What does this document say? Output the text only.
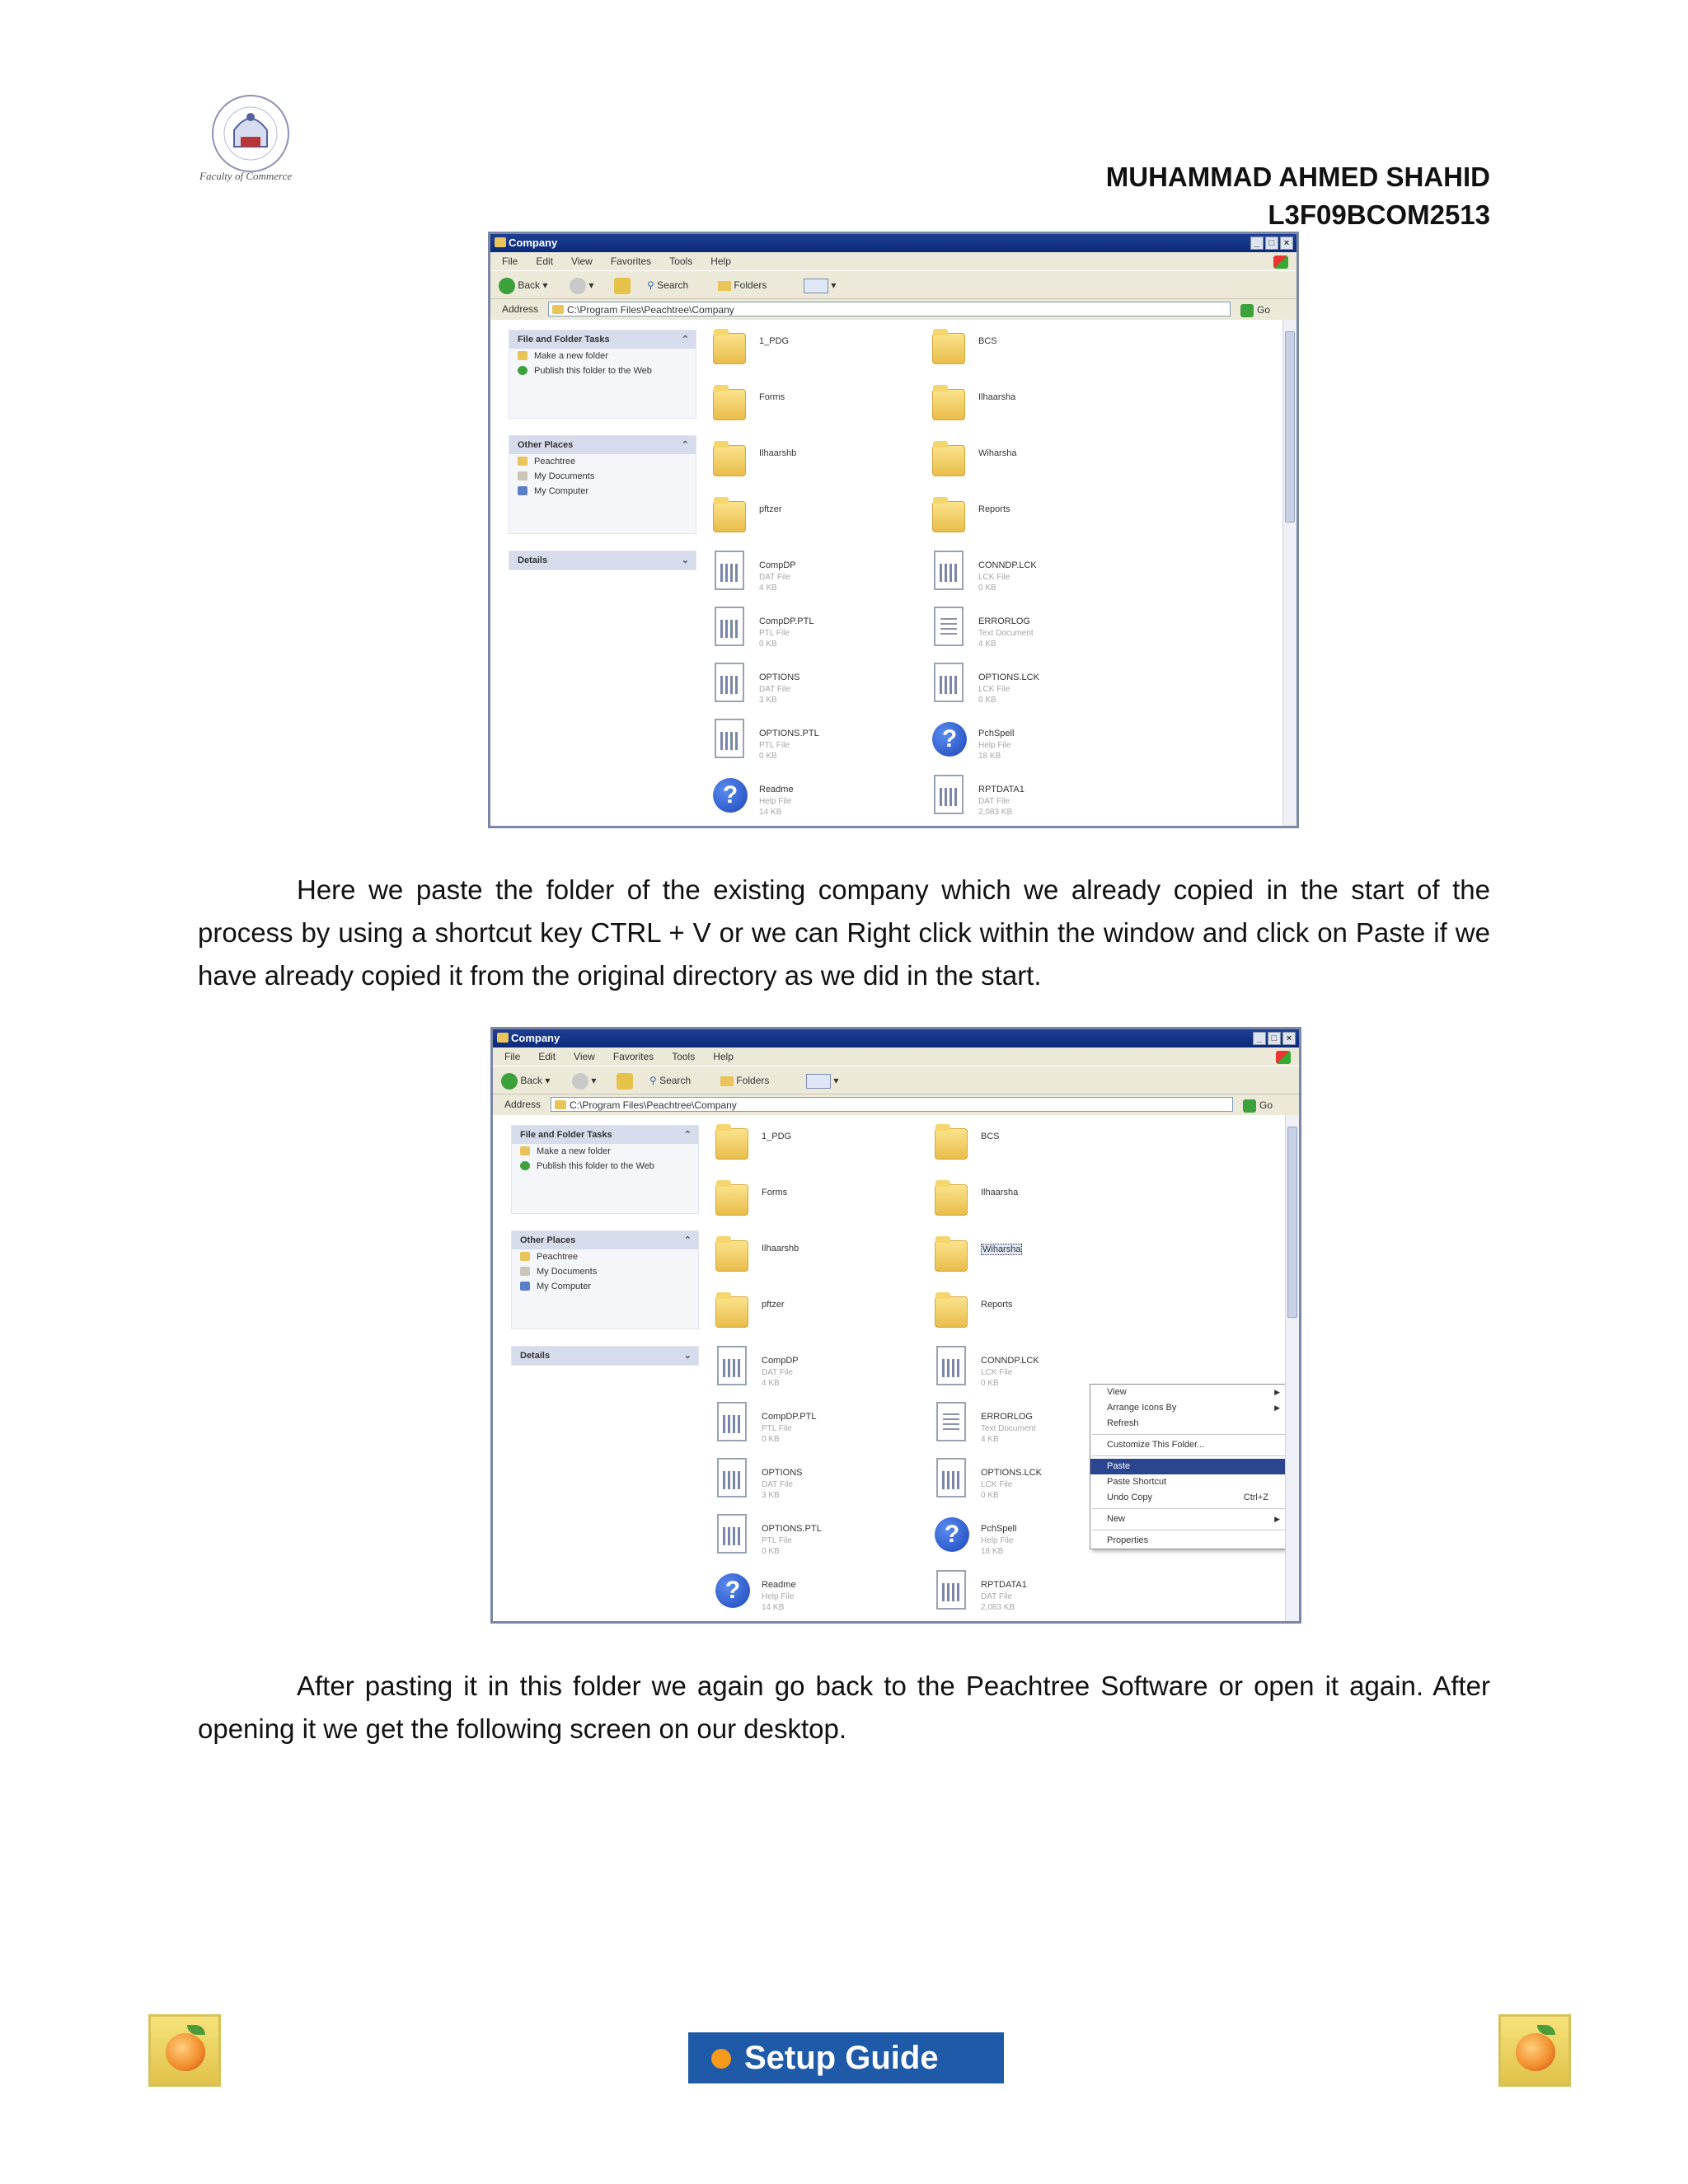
Faculty of Commerce	MUHAMMAD AHMED SHAHID
L3F09BCOM2513
Company	_	□	×
File Edit View Favorites Tools Help
Back ▾	▾	⚲ Search	Folders	▾
Address	C:\Program Files\Peachtree\Company	Go
File and Folder Tasks	⌃
Make a new folder
Publish this folder to the Web
Other Places	⌃
Peachtree
My Documents
My Computer
Details	⌄
1_PDG	BCS
Forms	Ilhaarsha
Ilhaarshb	Wiharsha
pftzer	Reports
CompDP
DAT File
4 KB
CONNDP.LCK
LCK File
0 KB
CompDP.PTL
PTL File
0 KB
ERRORLOG
Text Document
4 KB
OPTIONS
DAT File
3 KB
OPTIONS.LCK
LCK File
0 KB
OPTIONS.PTL
PTL File
0 KB
?	PchSpell
Help File
18 KB
?	Readme
Help File
14 KB
RPTDATA1
DAT File
2,083 KB
Here we paste the folder of the existing company which we already copied in the start of the process by using a shortcut key CTRL + V or we can Right click within the window and click on Paste if we have already copied it from the original directory as we did in the start.
Company	_	□	×
File Edit View Favorites Tools Help
Back ▾	▾	⚲ Search	Folders	▾
Address	C:\Program Files\Peachtree\Company	Go
File and Folder Tasks	⌃
Make a new folder
Publish this folder to the Web
Other Places	⌃
Peachtree
My Documents
My Computer
Details	⌄
1_PDG	BCS
Forms	Ilhaarsha
Ilhaarshb	Wiharsha
pftzer	Reports
CompDP
DAT File
4 KB
CONNDP.LCK
LCK File
0 KB
CompDP.PTL
PTL File
0 KB
ERRORLOG
Text Document
4 KB
OPTIONS
DAT File
3 KB
OPTIONS.LCK
LCK File
0 KB
OPTIONS.PTL
PTL File
0 KB
?	PchSpell
Help File
18 KB
?	Readme
Help File
14 KB
RPTDATA1
DAT File
2,083 KB
View	▶
Arrange Icons By	▶
Refresh
Customize This Folder...
Paste
Paste Shortcut
Undo Copy	Ctrl+Z
New	▶
Properties
After pasting it in this folder we again go back to the Peachtree Software or open it again. After opening it we get the following screen on our desktop.
Setup Guide
